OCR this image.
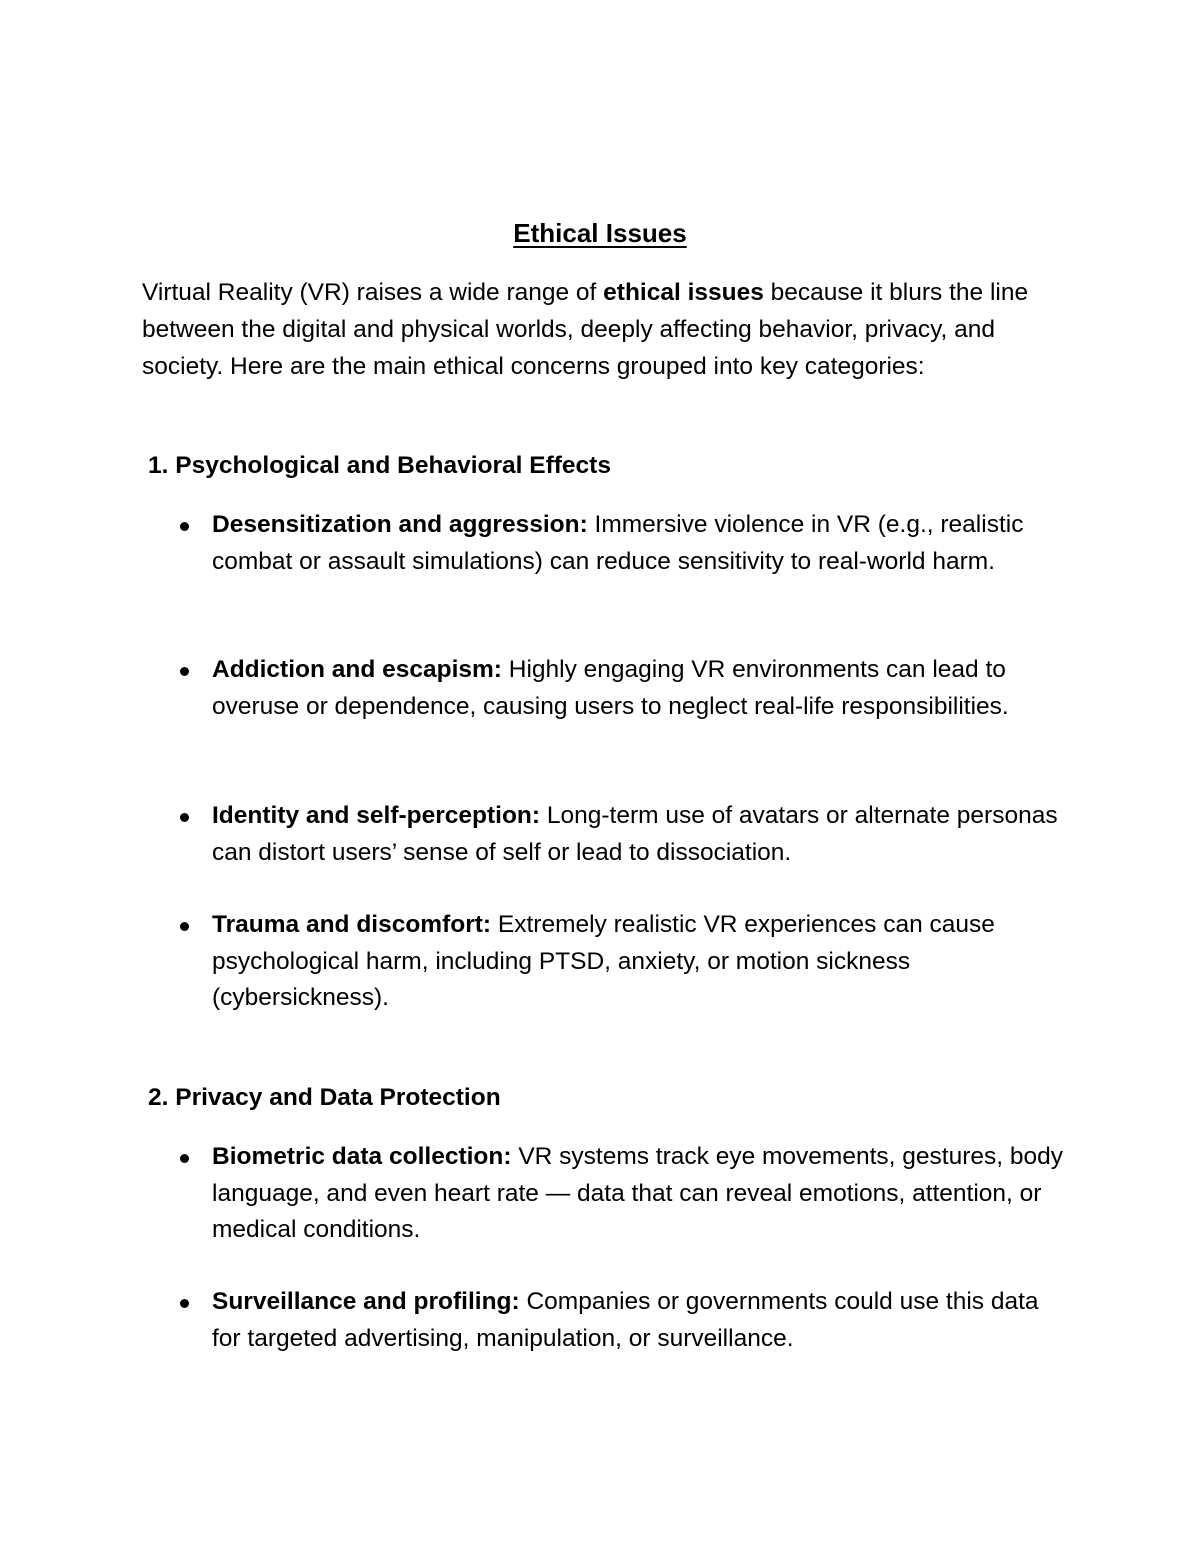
Ethical Issues

Virtual Reality (VR) raises a wide range of ethical issues because it blurs the line between the digital and physical worlds, deeply affecting behavior, privacy, and society. Here are the main ethical concerns grouped into key categories:

1. Psychological and Behavioral Effects

Desensitization and aggression: Immersive violence in VR (e.g., realistic combat or assault simulations) can reduce sensitivity to real-world harm.

Addiction and escapism: Highly engaging VR environments can lead to overuse or dependence, causing users to neglect real-life responsibilities.

Identity and self-perception: Long-term use of avatars or alternate personas can distort users’ sense of self or lead to dissociation.

Trauma and discomfort: Extremely realistic VR experiences can cause psychological harm, including PTSD, anxiety, or motion sickness (cybersickness).

2. Privacy and Data Protection

Biometric data collection: VR systems track eye movements, gestures, body language, and even heart rate — data that can reveal emotions, attention, or medical conditions.

Surveillance and profiling: Companies or governments could use this data for targeted advertising, manipulation, or surveillance.
